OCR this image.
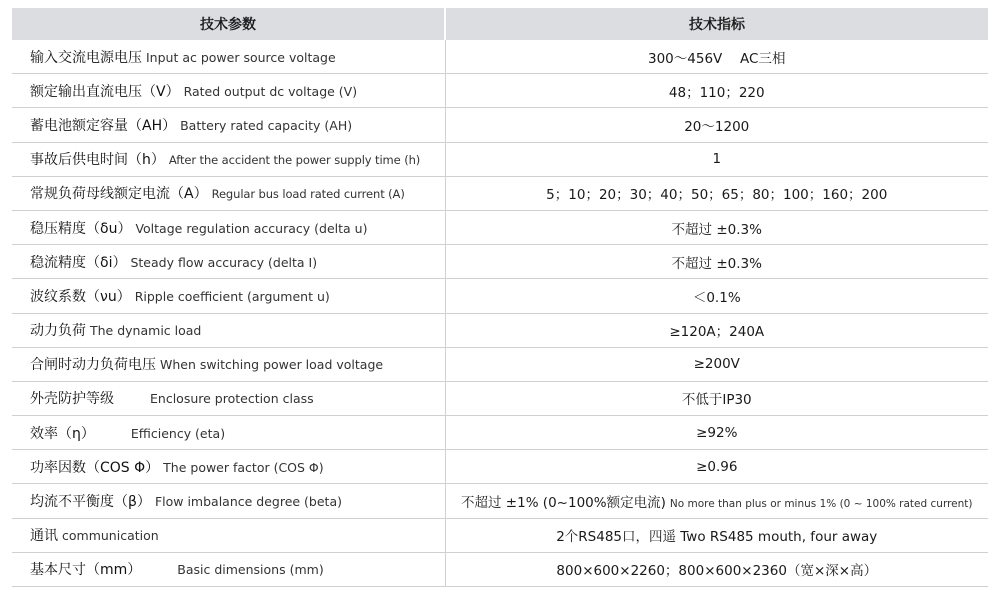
技术参数	技术指标
输入交流电源电压 Input ac power source voltage	300～456V　 AC三相
额定输出直流电压（V） Rated output dc voltage (V)	48；110；220
蓄电池额定容量（AH） Battery rated capacity (AH)	20～1200
事故后供电时间（h） After the accident the power supply time (h)	1
常规负荷母线额定电流（A） Regular bus load rated current (A)	5；10；20；30；40；50；65；80；100；160；200
稳压精度（δu） Voltage regulation accuracy (delta u)	不超过 ±0.3%
稳流精度（δi） Steady flow accuracy (delta I)	不超过 ±0.3%
波纹系数（νu） Ripple coefficient (argument u)	＜0.1%
动力负荷 The dynamic load	≥120A；240A
合闸时动力负荷电压 When switching power load voltage	≥200V
外壳防护等级 Enclosure protection class	不低于IP30
效率（η） Efficiency (eta)	≥92%
功率因数（COS Φ） The power factor (COS Φ)	≥0.96
均流不平衡度（β） Flow imbalance degree (beta)	不超过 ±1% (0~100%额定电流) No more than plus or minus 1% (0 ~ 100% rated current)
通讯 communication	2个RS485口，四遥 Two RS485 mouth, four away
基本尺寸（mm） Basic dimensions (mm)	800×600×2260；800×600×2360（宽×深×高）
